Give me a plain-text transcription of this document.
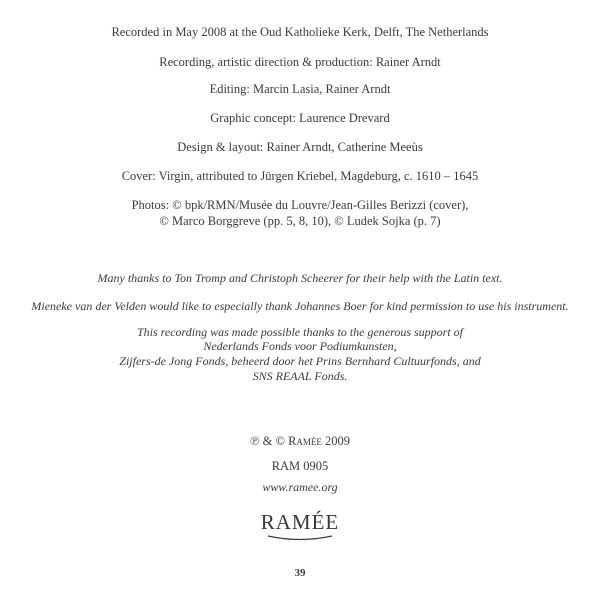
Recorded in May 2008 at the Oud Katholieke Kerk, Delft, The Netherlands
Recording, artistic direction & production: Rainer Arndt
Editing: Marcin Lasia, Rainer Arndt
Graphic concept: Laurence Drevard
Design & layout: Rainer Arndt, Catherine Meeùs
Cover: Virgin, attributed to Jürgen Kriebel, Magdeburg, c. 1610 – 1645
Photos: © bpk/RMN/Musée du Louvre/Jean-Gilles Berizzi (cover),
© Marco Borggreve (pp. 5, 8, 10), © Ludek Sojka (p. 7)
Many thanks to Ton Tromp and Christoph Scheerer for their help with the Latin text.
Mieneke van der Velden would like to especially thank Johannes Boer for kind permission to use his instrument.
This recording was made possible thanks to the generous support of
Nederlands Fonds voor Podiumkunsten,
Zijfers-de Jong Fonds, beheerd door het Prins Bernhard Cultuurfonds, and
SNS REAAL Fonds.
℗ & © Ramée 2009
RAM 0905
www.ramee.org
RAMÉE
39
